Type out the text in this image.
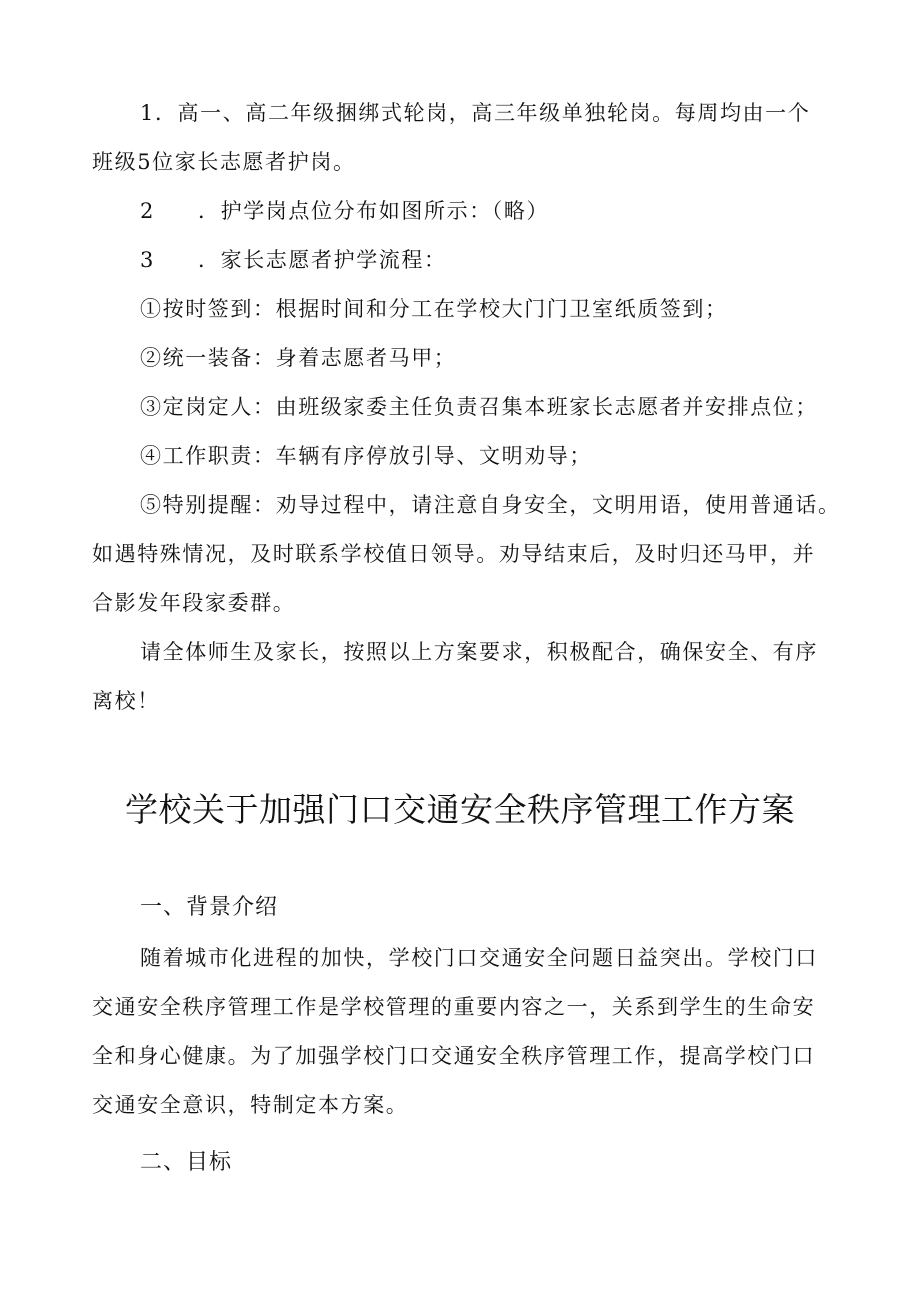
1．高一、高二年级捆绑式轮岗，高三年级单独轮岗。每周均由一个

班级5位家长志愿者护岗。

2 ．护学岗点位分布如图所示：（略）

3 ．家长志愿者护学流程：

①按时签到：根据时间和分工在学校大门门卫室纸质签到；

②统一装备：身着志愿者马甲；

③定岗定人：由班级家委主任负责召集本班家长志愿者并安排点位；

④工作职责：车辆有序停放引导、文明劝导；

⑤特别提醒：劝导过程中，请注意自身安全，文明用语，使用普通话。

如遇特殊情况，及时联系学校值日领导。劝导结束后，及时归还马甲，并

合影发年段家委群。

请全体师生及家长，按照以上方案要求，积极配合，确保安全、有序

离校！

学校关于加强门口交通安全秩序管理工作方案
一、背景介绍

随着城市化进程的加快，学校门口交通安全问题日益突出。学校门口

交通安全秩序管理工作是学校管理的重要内容之一，关系到学生的生命安

全和身心健康。为了加强学校门口交通安全秩序管理工作，提高学校门口

交通安全意识，特制定本方案。

二、目标
